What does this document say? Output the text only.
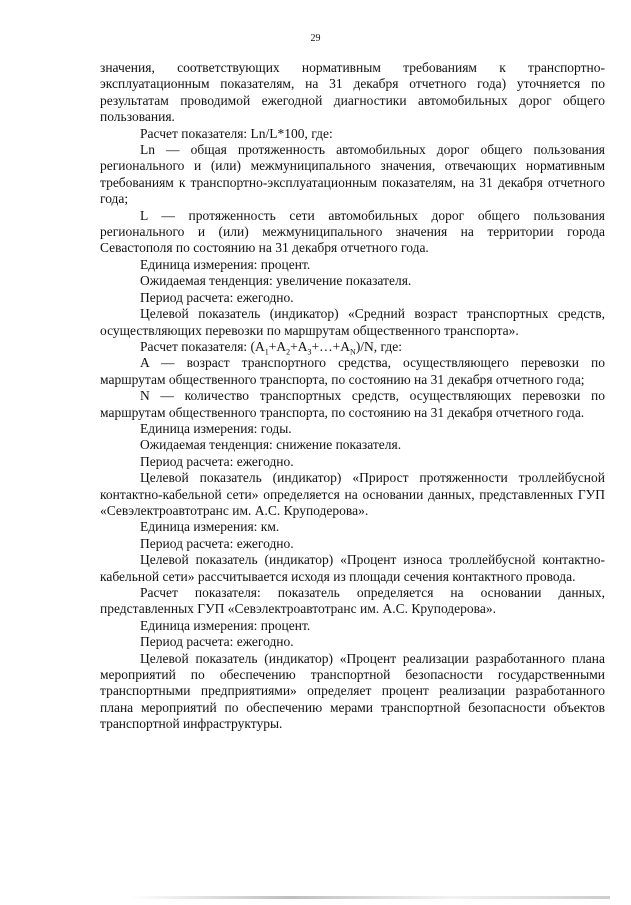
29

значения, соответствующих нормативным требованиям к транспортно-эксплуатационным показателям, на 31 декабря отчетного года) уточняется по результатам проводимой ежегодной диагностики автомобильных дорог общего пользования.

Расчет показателя: Ln/L*100, где:

Ln — общая протяженность автомобильных дорог общего пользования регионального и (или) межмуниципального значения, отвечающих нормативным требованиям к транспортно-эксплуатационным показателям, на 31 декабря отчетного года;

L — протяженность сети автомобильных дорог общего пользования регионального и (или) межмуниципального значения на территории города Севастополя по состоянию на 31 декабря отчетного года.

Единица измерения: процент.

Ожидаемая тенденция: увеличение показателя.

Период расчета: ежегодно.

Целевой показатель (индикатор) «Средний возраст транспортных средств, осуществляющих перевозки по маршрутам общественного транспорта».

Расчет показателя: $(A_1+A_2+A_3+\dots+A_N)/N$, где:

A — возраст транспортного средства, осуществляющего перевозки по маршрутам общественного транспорта, по состоянию на 31 декабря отчетного года;

N — количество транспортных средств, осуществляющих перевозки по маршрутам общественного транспорта, по состоянию на 31 декабря отчетного года.

Единица измерения: годы.

Ожидаемая тенденция: снижение показателя.

Период расчета: ежегодно.

Целевой показатель (индикатор) «Прирост протяженности троллейбусной контактно-кабельной сети» определяется на основании данных, представленных ГУП «Севэлектроавтотранс им. А.С. Круподерова».

Единица измерения: км.

Период расчета: ежегодно.

Целевой показатель (индикатор) «Процент износа троллейбусной контактно-кабельной сети» рассчитывается исходя из площади сечения контактного провода.

Расчет показателя: показатель определяется на основании данных, представленных ГУП «Севэлектроавтотранс им. А.С. Круподерова».

Единица измерения: процент.

Период расчета: ежегодно.

Целевой показатель (индикатор) «Процент реализации разработанного плана мероприятий по обеспечению транспортной безопасности государственными транспортными предприятиями» определяет процент реализации разработанного плана мероприятий по обеспечению мерами транспортной безопасности объектов транспортной инфраструктуры.
